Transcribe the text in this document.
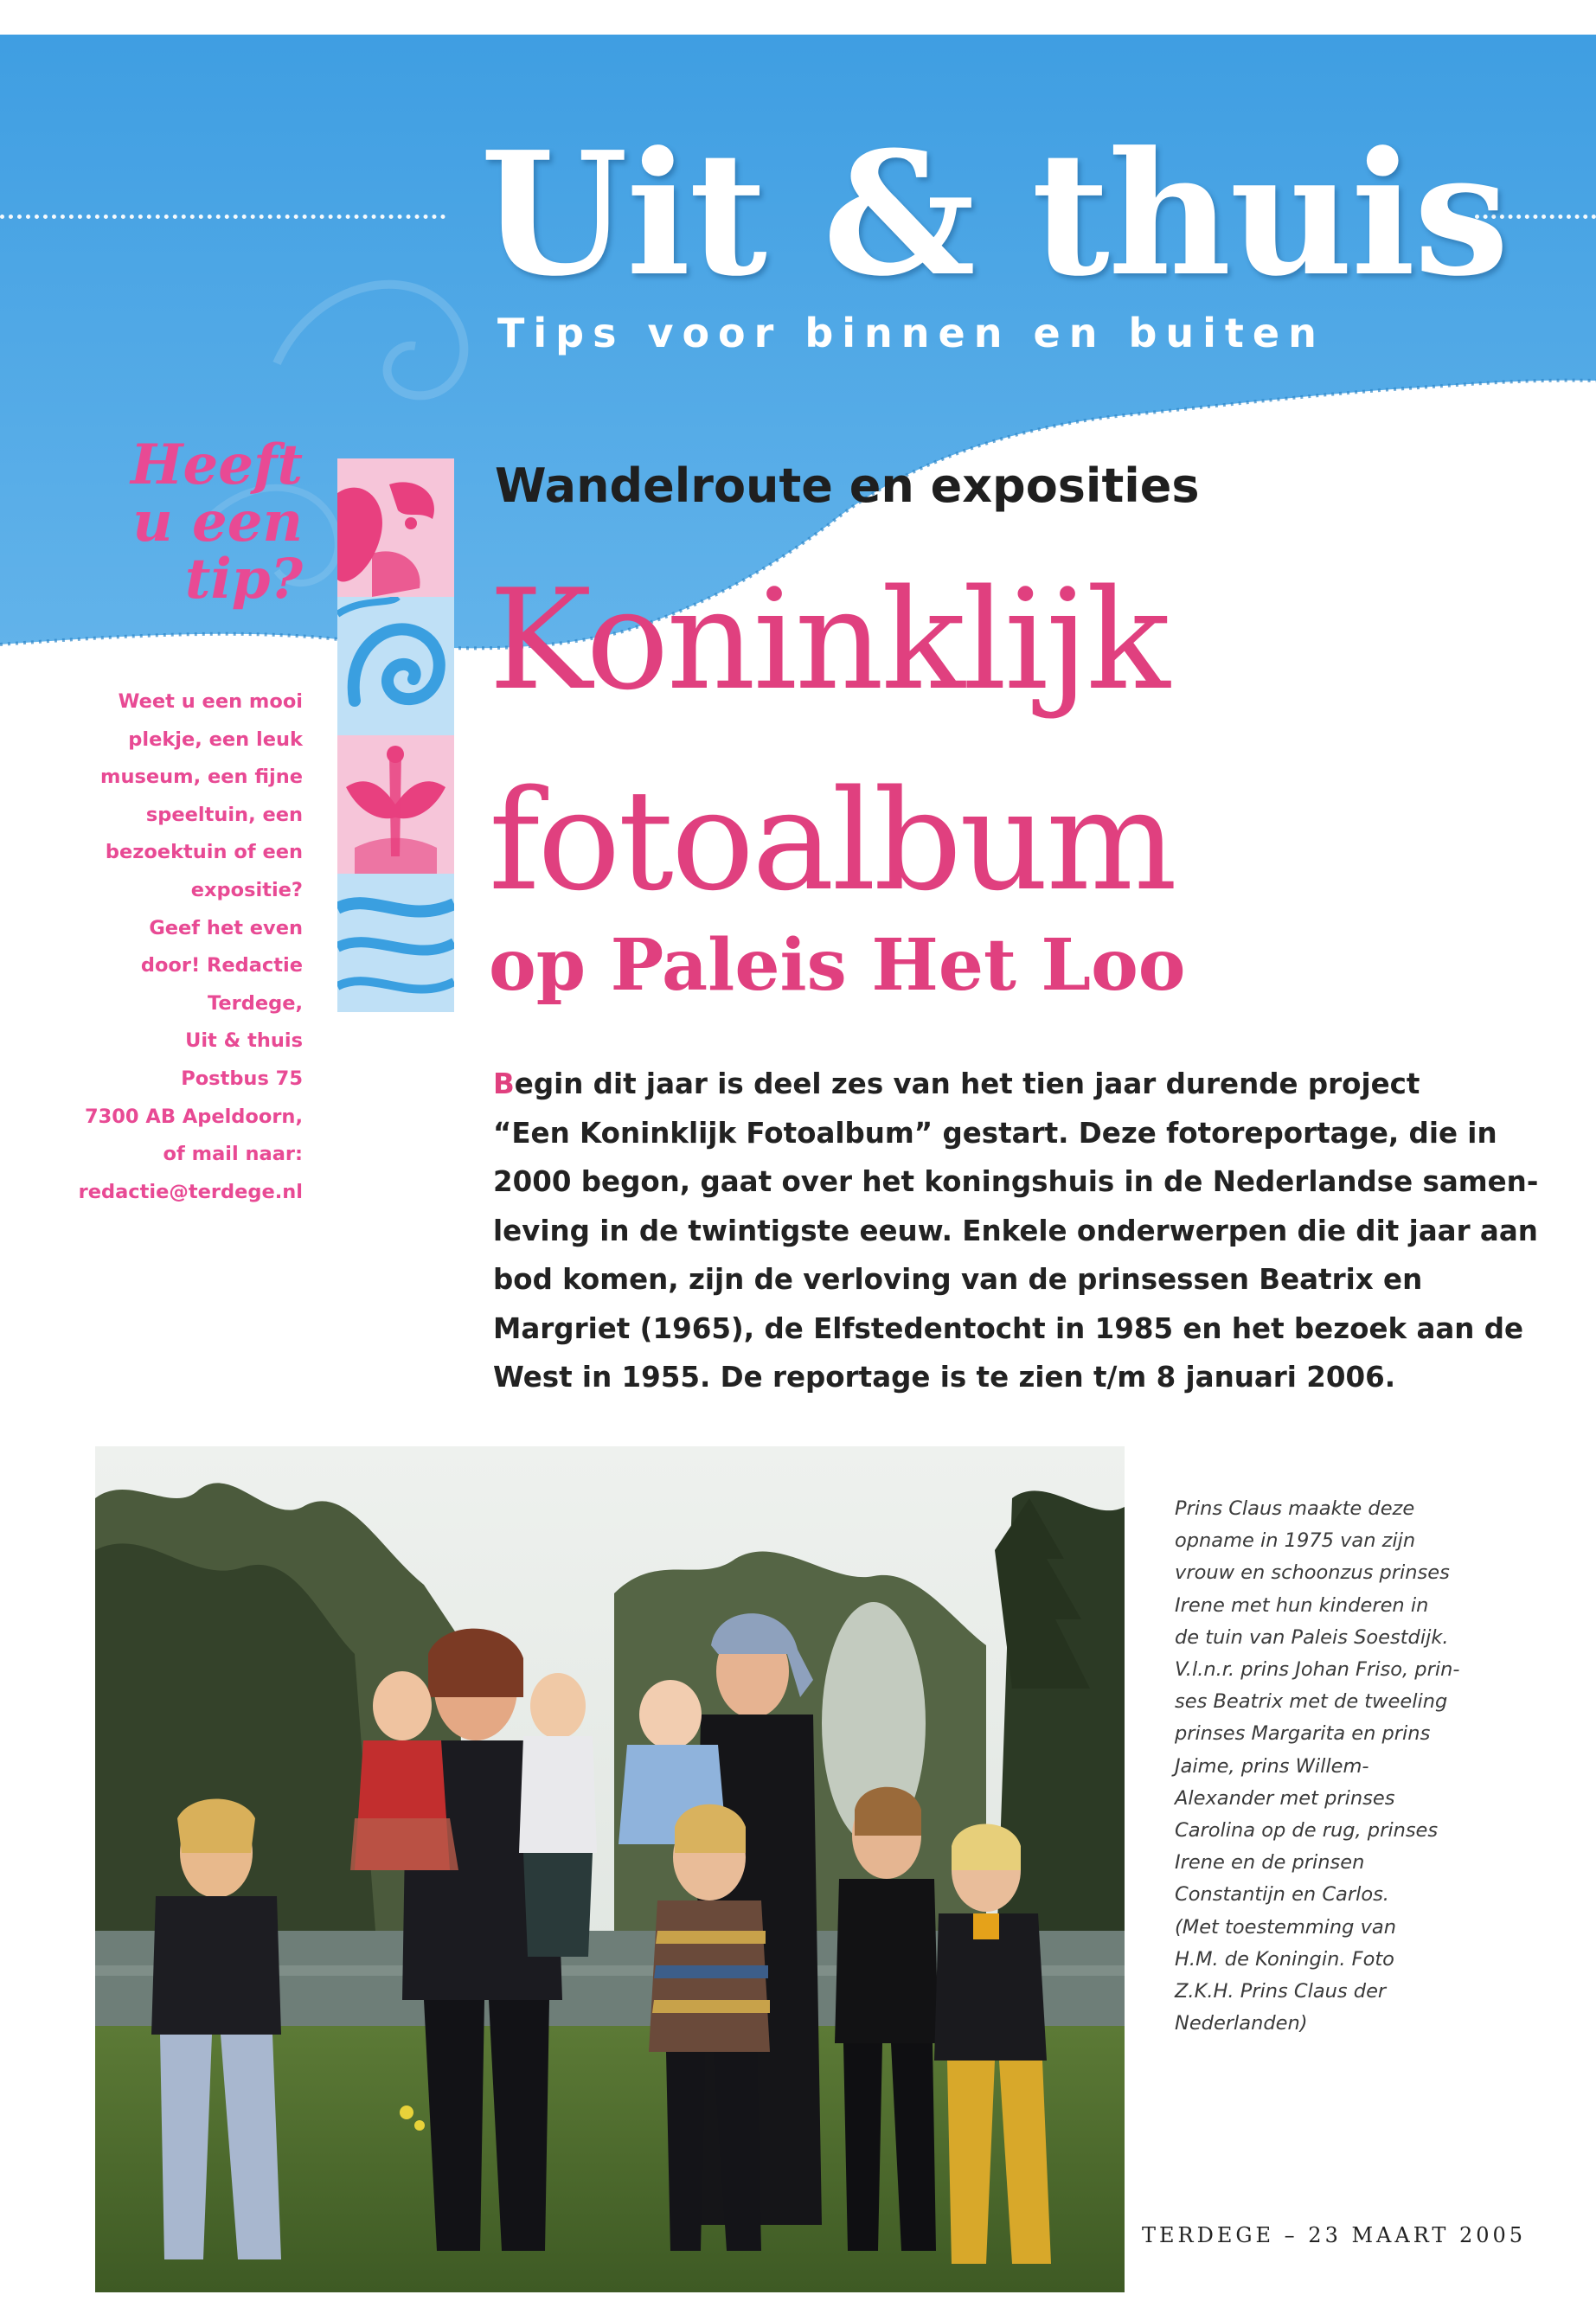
Uit & thuis

Tips voor binnen en buiten

Heeft
u een
tip?
Weet u een mooi
plekje, een leuk
museum, een fijne
speeltuin, een
bezoektuin of een
expositie?
Geef het even
door! Redactie
Terdege,
Uit & thuis
Postbus 75
7300 AB Apeldoorn,
of mail naar:
redactie@terdege.nl
Wandelroute en exposities
Koninklijk
fotoalbum
op Paleis Het Loo
Begin dit jaar is deel zes van het tien jaar durende project
“Een Koninklijk Fotoalbum” gestart. Deze fotoreportage, die in
2000 begon, gaat over het koningshuis in de Nederlandse samen-
leving in de twintigste eeuw. Enkele onderwerpen die dit jaar aan
bod komen, zijn de verloving van de prinsessen Beatrix en
Margriet (1965), de Elfstedentocht in 1985 en het bezoek aan de
West in 1955. De reportage is te zien t/m 8 januari 2006.
Prins Claus maakte deze
opname in 1975 van zijn
vrouw en schoonzus prinses
Irene met hun kinderen in
de tuin van Paleis Soestdijk.
V.l.n.r. prins Johan Friso, prin-
ses Beatrix met de tweeling
prinses Margarita en prins
Jaime, prins Willem-
Alexander met prinses
Carolina op de rug, prinses
Irene en de prinsen
Constantijn en Carlos.
(Met toestemming van
H.M. de Koningin. Foto
Z.K.H. Prins Claus der
Nederlanden)
TERDEGE – 23 MAART 2005
